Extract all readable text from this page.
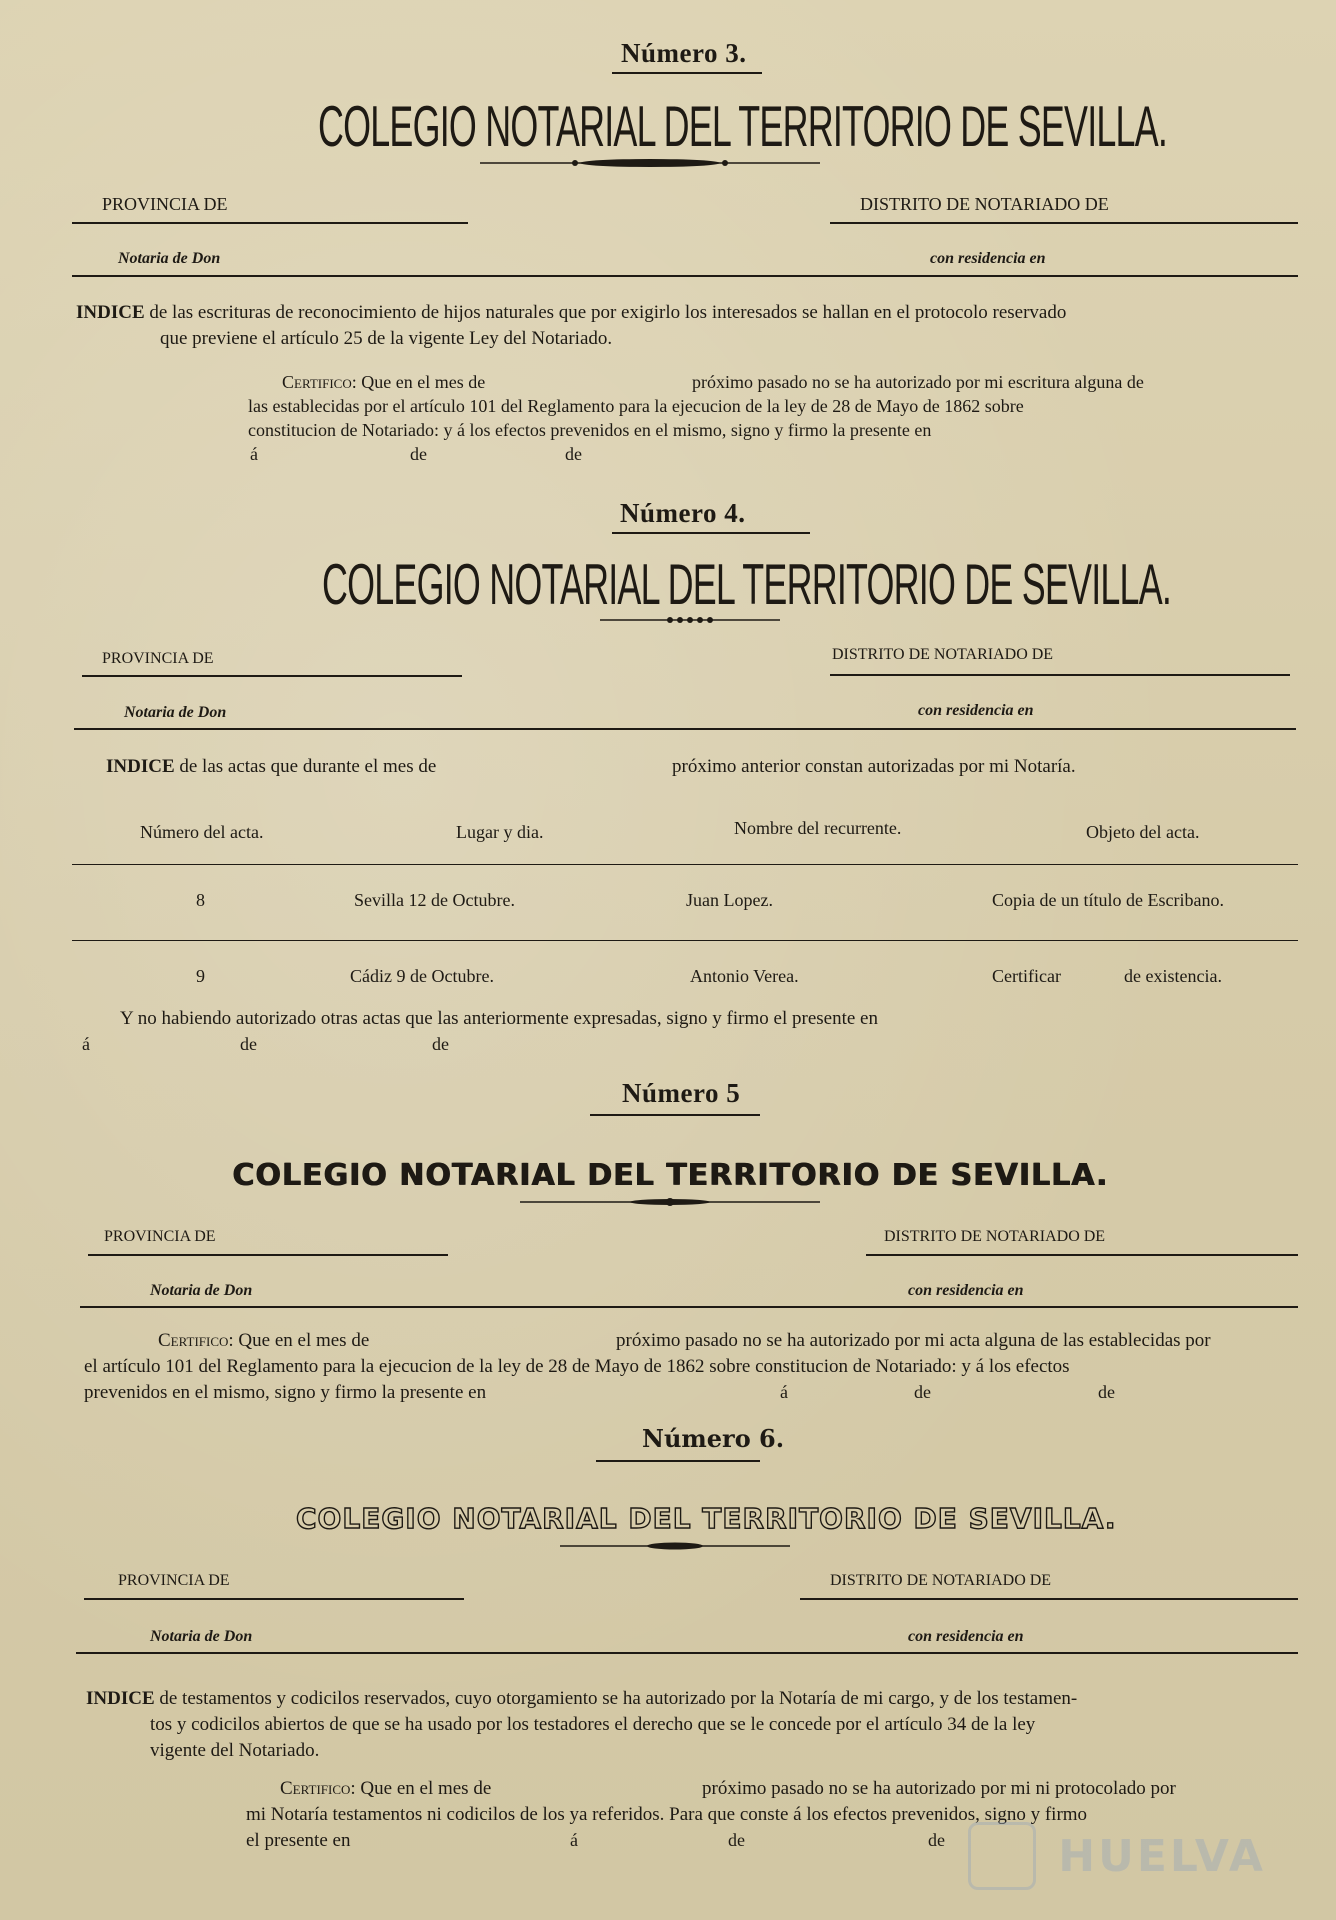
Número 3.
COLEGIO NOTARIAL DEL TERRITORIO DE SEVILLA.
PROVINCIA DE	DISTRITO DE NOTARIADO DE
Notaria de Don	con residencia en
INDICE de las escrituras de reconocimiento de hijos naturales que por exigirlo los interesados se hallan en el protocolo reservado
que previene el artículo 25 de la vigente Ley del Notariado.
Certifico: Que en el mes de	próximo pasado no se ha autorizado por mi escritura alguna de
las establecidas por el artículo 101 del Reglamento para la ejecucion de la ley de 28 de Mayo de 1862 sobre
constitucion de Notariado: y á los efectos prevenidos en el mismo, signo y firmo la presente en
á	de	de
Número 4.
COLEGIO NOTARIAL DEL TERRITORIO DE SEVILLA.
PROVINCIA DE	DISTRITO DE NOTARIADO DE
Notaria de Don	con residencia en
INDICE de las actas que durante el mes de	próximo anterior constan autorizadas por mi Notaría.
Número del acta.	Lugar y dia.	Nombre del recurrente.	Objeto del acta.
8	Sevilla 12 de Octubre.	Juan Lopez.	Copia de un título de Escribano.
9	Cádiz 9 de Octubre.	Antonio Verea.	Certificar	de existencia.
Y no habiendo autorizado otras actas que las anteriormente expresadas, signo y firmo el presente en
á	de	de
Número 5
COLEGIO NOTARIAL DEL TERRITORIO DE SEVILLA.
PROVINCIA DE	DISTRITO DE NOTARIADO DE
Notaria de Don	con residencia en
Certifico: Que en el mes de	próximo pasado no se ha autorizado por mi acta alguna de las establecidas por
el artículo 101 del Reglamento para la ejecucion de la ley de 28 de Mayo de 1862 sobre constitucion de Notariado: y á los efectos
prevenidos en el mismo, signo y firmo la presente en	á	de	de
Número 6.
COLEGIO NOTARIAL DEL TERRITORIO DE SEVILLA.
PROVINCIA DE	DISTRITO DE NOTARIADO DE
Notaria de Don	con residencia en
INDICE de testamentos y codicilos reservados, cuyo otorgamiento se ha autorizado por la Notaría de mi cargo, y de los testamen-
tos y codicilos abiertos de que se ha usado por los testadores el derecho que se le concede por el artículo 34 de la ley
vigente del Notariado.
Certifico: Que en el mes de	próximo pasado no se ha autorizado por mi ni protocolado por
mi Notaría testamentos ni codicilos de los ya referidos. Para que conste á los efectos prevenidos, signo y firmo
el presente en	á	de	de	HUELVA
